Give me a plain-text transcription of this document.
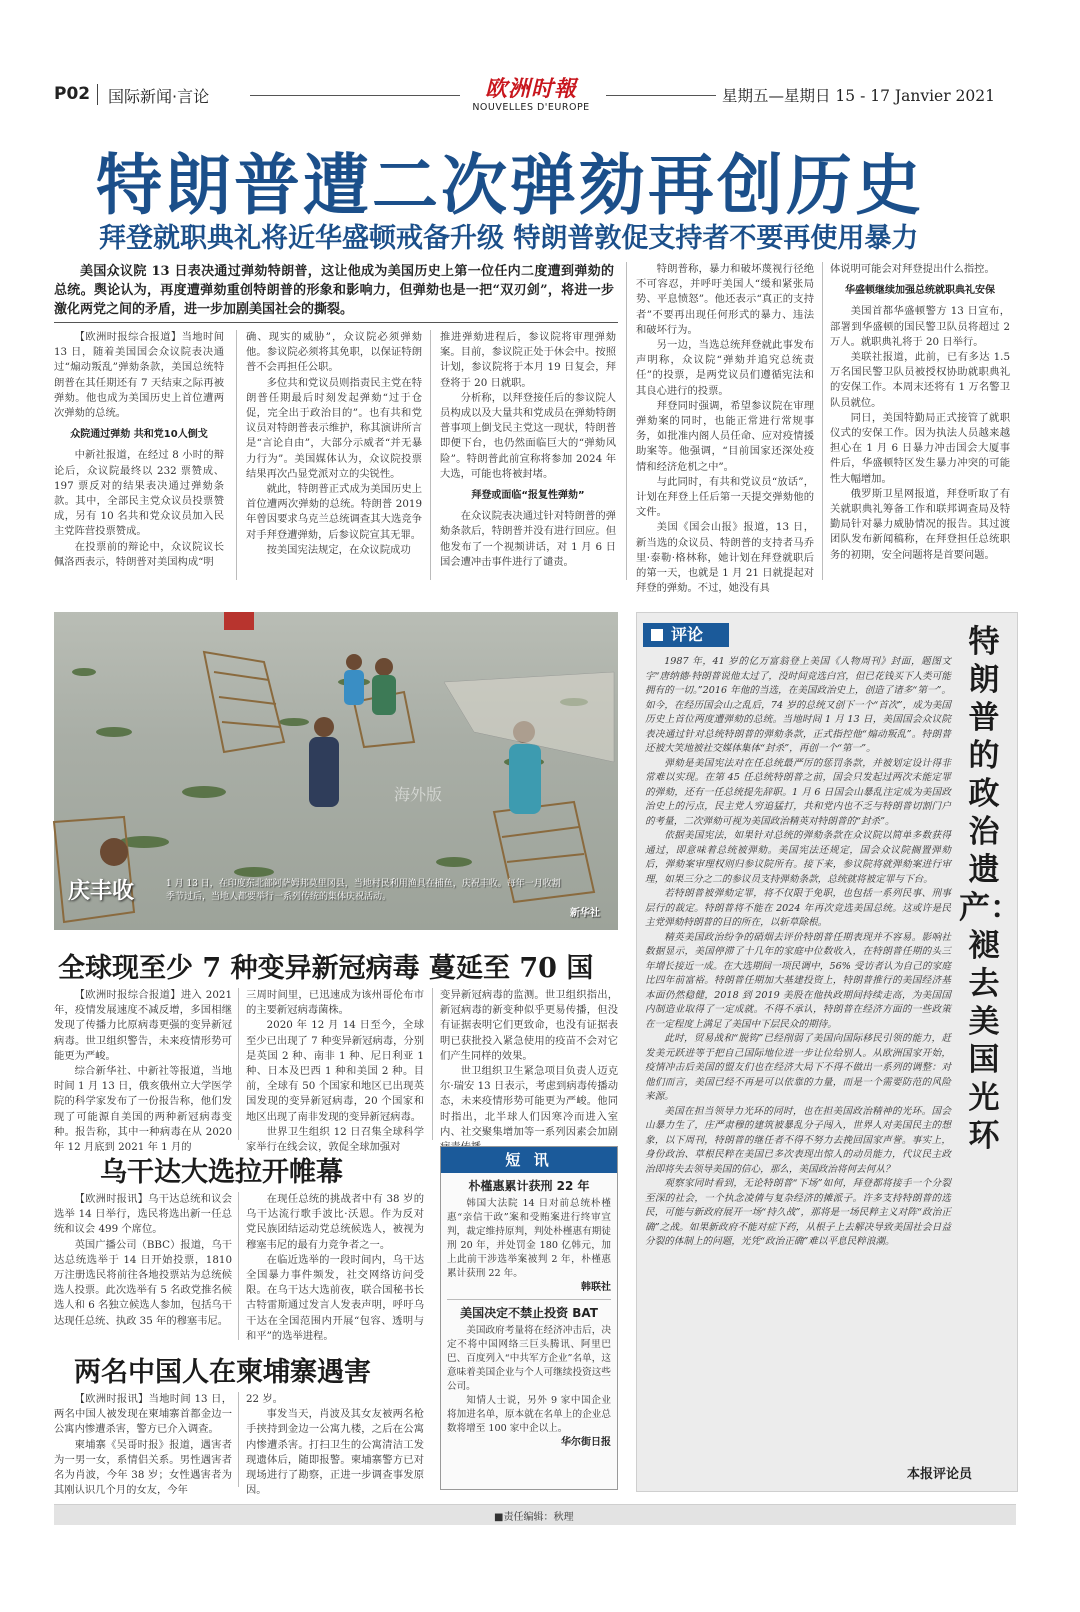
P02 国际新闻·言论	欧洲时報
NOUVELLES D'EUROPE
星期五—星期日 15 - 17 Janvier 2021
特朗普遭二次弹劾再创历史
拜登就职典礼将近华盛顿戒备升级 特朗普敦促支持者不要再使用暴力
美国众议院 13 日表决通过弹劾特朗普，这让他成为美国历史上第一位任内二度遭到弹劾的总统。舆论认为，再度遭弹劾重创特朗普的形象和影响力，但弹劾也是一把“双刃剑”，将进一步激化两党之间的矛盾，进一步加剧美国社会的撕裂。

【欧洲时报综合报道】当地时间 13 日，随着美国国会众议院表决通过“煽动叛乱”弹劾条款，美国总统特朗普在其任期还有 7 天结束之际再被弹劾。他也成为美国历史上首位遭两次弹劾的总统。

众院通过弹劾 共和党10人倒戈

中新社报道，在经过 8 小时的辩论后，众议院最终以 232 票赞成、197 票反对的结果表决通过弹劾条款。其中，全部民主党众议员投票赞成，另有 10 名共和党众议员加入民主党阵营投票赞成。

在投票前的辩论中，众议院议长佩洛西表示，特朗普对美国构成“明

确、现实的威胁”，众议院必须弹劾他。参议院必须将其免职，以保证特朗普不会再担任公职。

多位共和党议员则指责民主党在特朗普任期最后时刻发起弹劾“过于仓促，完全出于政治目的”。也有共和党议员对特朗普表示维护，称其演讲所言是“言论自由”，大部分示威者“并无暴力行为”。美国媒体认为，众议院投票结果再次凸显党派对立的尖锐性。

就此，特朗普正式成为美国历史上首位遭两次弹劾的总统。特朗普 2019 年曾因要求乌克兰总统调查其大选竞争对手拜登遭弹劾，后参议院宣其无罪。

按美国宪法规定，在众议院成功

推进弹劾进程后，参议院将审理弹劾案。目前，参议院正处于休会中。按照计划，参议院将于本月 19 日复会，拜登将于 20 日就职。

分析称，以拜登接任后的参议院人员构成以及大量共和党成员在弹劾特朗普事项上倒戈民主党这一现状，特朗普即便下台，也仍然面临巨大的“弹劾风险”。特朗普此前宣称将参加 2024 年大选，可能也将被封堵。

拜登或面临“报复性弹劾”

在众议院表决通过针对特朗普的弹劾条款后，特朗普并没有进行回应。但他发布了一个视频讲话，对 1 月 6 日国会遭冲击事件进行了谴责。

特朗普称，暴力和破坏蔑视行径绝不可容忍，并呼吁美国人“缓和紧张局势、平息愤怒”。他还表示“真正的支持者”不要再出现任何形式的暴力、违法和破坏行为。

另一边，当选总统拜登就此事发布声明称，众议院“弹劾并追究总统责任”的投票，是两党议员们遵循宪法和其良心进行的投票。

拜登同时强调，希望参议院在审理弹劾案的同时，也能正常进行常规事务，如批准内阁人员任命、应对疫情援助案等。他强调，“目前国家还深处疫情和经济危机之中”。

与此同时，有共和党议员“放话”，计划在拜登上任后第一天提交弹劾他的文件。

美国《国会山报》报道，13 日，新当选的众议员、特朗普的支持者马乔里·泰勒·格林称，她计划在拜登就职后的第一天，也就是 1 月 21 日就提起对拜登的弹劾。不过，她没有具

体说明可能会对拜登提出什么指控。

华盛顿继续加强总统就职典礼安保

美国首都华盛顿警方 13 日宣布，部署到华盛顿的国民警卫队员将超过 2 万人。就职典礼将于 20 日举行。

美联社报道，此前，已有多达 1.5 万名国民警卫队员被授权协助就职典礼的安保工作。本周末还将有 1 万名警卫队员就位。

同日，美国特勤局正式接管了就职仪式的安保工作。因为执法人员越来越担心在 1 月 6 日暴力冲击国会大厦事件后，华盛顿特区发生暴力冲突的可能性大幅增加。

俄罗斯卫星网报道，拜登听取了有关就职典礼筹备工作和联邦调查局及特勤局针对暴力威胁情况的报告。其过渡团队发布新闻稿称，在拜登担任总统职务的初期，安全问题将是首要问题。

海外版
庆丰收	1 月 13 日，在印度东北部阿萨姆邦莫里冈县，当地村民利用渔具在捕鱼，庆祝丰收。每年一月收割季节过后，当地人都要举行一系列传统的集体庆祝活动。
新华社
全球现至少 7 种变异新冠病毒 蔓延至 70 国

【欧洲时报综合报道】进入 2021 年，疫情发展速度不减反增，多国相继发现了传播力比原病毒更强的变异新冠病毒。世卫组织警告，未来疫情形势可能更为严峻。

综合新华社、中新社等报道，当地时间 1 月 13 日，俄亥俄州立大学医学院的科学家发布了一份报告称，他们发现了可能源自美国的两种新冠病毒变种。报告称，其中一种病毒在从 2020 年 12 月底到 2021 年 1 月的

三周时间里，已迅速成为该州哥伦布市的主要新冠病毒菌株。

2020 年 12 月 14 日至今，全球至少已出现了 7 种变异新冠病毒，分别是英国 2 种、南非 1 种、尼日利亚 1 种、日本及巴西 1 种和美国 2 种。目前，全球有 50 个国家和地区已出现英国发现的变异新冠病毒，20 个国家和地区出现了南非发现的变异新冠病毒。

世界卫生组织 12 日召集全球科学家举行在线会议，敦促全球加强对

变异新冠病毒的监测。世卫组织指出，新冠病毒的新变种似乎更易传播，但没有证据表明它们更致命，也没有证据表明已获批投入紧急使用的疫苗不会对它们产生同样的效果。

世卫组织卫生紧急项目负责人迈克尔·瑞安 13 日表示，考虑到病毒传播动态，未来疫情形势可能更为严峻。他同时指出，北半球人们因寒冷而进入室内、社交聚集增加等一系列因素会加剧

乌干达大选拉开帷幕

【欧洲时报讯】乌干达总统和议会选举 14 日举行，选民将选出新一任总统和议会 499 个席位。

英国广播公司（BBC）报道，乌干达总统选举于 14 日开始投票，1810 万注册选民将前往各地投票站为总统候选人投票。此次选举有 5 名政党推名候选人和 6 名独立候选人参加，包括乌干达现任总统、执政 35 年的穆塞韦尼。

在现任总统的挑战者中有 38 岁的乌干达流行歌手波比·沃恩。作为反对党民族团结运动党总统候选人，被视为穆塞韦尼的最有力竞争者之一。

在临近选举的一段时间内，乌干达全国暴力事件频发，社交网络访问受限。在乌干达大选前夜，联合国秘书长古特雷斯通过发言人发表声明，呼吁乌干达在全国范围内开展“包容、透明与和平”的选举进程。

两名中国人在柬埔寨遇害

【欧洲时报讯】当地时间 13 日，两名中国人被发现在柬埔寨首都金边一公寓内惨遭杀害，警方已介入调查。

柬埔寨《吴哥时报》报道，遇害者为一男一女，系情侣关系。男性遇害者名为肖波，今年 38 岁；女性遇害者为其刚认识几个月的女友，今年

22 岁。

事发当天，肖波及其女友被两名枪手挟持到金边一公寓九楼，之后在公寓内惨遭杀害。打扫卫生的公寓清洁工发现遗体后，随即报警。柬埔寨警方已对现场进行了勘察，正进一步调查事发原因。

短 讯
朴槿惠累计获刑 22 年

韩国大法院 14 日对前总统朴槿惠“亲信干政”案和受贿案进行终审宣判，裁定维持原判，判处朴槿惠有期徒刑 20 年，并处罚金 180 亿韩元，加上此前干涉选举案被判 2 年，朴槿惠累计获刑 22 年。

韩联社
美国决定不禁止投资 BAT

美国政府考量将在经济冲击后，决定不将中国网络三巨头腾讯、阿里巴巴、百度列入“中共军方企业”名单，这意味着美国企业与个人可继续投资这些公司。

知情人士说，另外 9 家中国企业将加进名单，原本就在名单上的企业总数将增至 100 家中企以上。

华尔街日报
评论	特朗普的政治遗产：褪去美国光环

1987 年，41 岁的亿万富翁登上美国《人物周刊》封面，题图文字“唐纳德·特朗普说他太过了，没时间竞选白宫，但已花钱买下人类可能拥有的一切。”2016 年他的当选，在美国政治史上，创造了诸多“第一”。如今，在经历国会山之乱后，74 岁的总统又创下一个“首次”，成为美国历史上首位两度遭弹劾的总统。当地时间 1 月 13 日，美国国会众议院表决通过针对总统特朗普的弹劾条款，正式指控他“煽动叛乱”。特朗普还被大笑地被社交媒体集体“封杀”，再创一个“第一”。

弹劾是美国宪法对在任总统最严厉的惩罚条款，并被划定设计得非常难以实现。在第 45 任总统特朗普之前，国会只发起过两次未能定罪的弹劾，还有一任总统提先辞职。1 月 6 日国会山暴乱注定成为美国政治史上的污点，民主党人穷追猛打，共和党内也不乏与特朗普切割门户的考量，二次弹劾可视为美国政治精英对特朗普的“封杀”。

依据美国宪法，如果针对总统的弹劾条款在众议院以简单多数获得通过，即意味着总统被弹劾。美国宪法还规定，国会众议院搁置弹劾后，弹劾案审理权则归参议院所有。接下来，参议院将就弹劾案进行审理，如果三分之二的参议员支持弹劾条款，总统就将被定罪与下台。

若特朗普被弹劾定罪，将不仅限于免职，也包括一系列民事、刑事层行的裁定。特朗普将不能在 2024 年再次竞选美国总统。这或许是民主党弹劾特朗普的目的所在，以斩草除根。

精英美国政治纷争的硝烟去评价特朗普任期表现并不容易。影响社数据显示，美国停滞了十几年的家庭中位数收入，在特朗普任期的头三年增长接近一成。在大选期间一项民调中，56% 受访者认为自己的家庭比四年前富裕。特朗普任期加大基建投资上，特朗普推行的美国经济基本面仍然稳健，2018 到 2019 美股在他执政期间持续走高，为美国国内制造业取得了一定成就。不得不承认，特朗普在经济方面的一些政策在一定程度上满足了美国中下层民众的期待。

此时，贸易战和“脱钩”已经削弱了美国向国际移民引领的能力，赶发美元跃进等于把自己国际地位进一步让位给别人。从欧洲国家开始，疫情冲击后美国的盟友们也在经济大局下不得不做出一系列的调整：对他们而言，美国已经不再是可以依靠的力量，而是一个需要防范的风险来源。

美国在担当领导力光环的同时，也在担美国政治精神的光环。国会山暴力生了，庄严肃穆的建筑被暴乱分子闯入，世界人对美国民主的想象，以下周刊，特朗普的继任者不得不努力去挽回国家声誉。事实上，身份政治、草根民粹在美国已多次表现出惊人的动员能力，代议民主政治即将失去领导美国的信心，那么，美国政治将何去何从？

观察家同时看到，无论特朗普“下场”如何，拜登都将接手一个分裂至深的社会，一个执念凌倩与复杂经济的摊派子。许多支持特朗普的选民，可能与新政府展开一场“持久战”，那将是一场民粹主义对阵“政治正确”之战。如果新政府不能对症下药，从根子上去解决导致美国社会日益分裂的体制上的问题，光凭“政治正确”难以平息民粹浪潮。

本报评论员
■责任编辑：秋理
